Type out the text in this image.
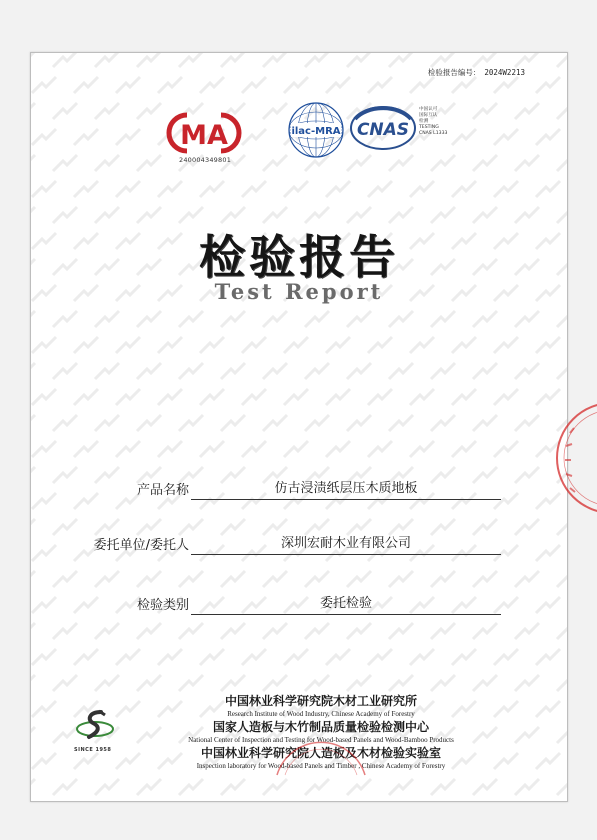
检验报告编号： 2024W2213
MA
240004349801
ilac-MRA CNAS
中国认可
国际互认
检测
TESTING
CNAS L1333
检验报告
Test Report
产品名称	仿古浸渍纸层压木质地板
委托单位/委托人	深圳宏耐木业有限公司
检验类别	委托检验
SINCE 1958
中国林业科学研究院木材工业研究所
Research Institute of Wood Industry, Chinese Academy of Forestry
国家人造板与木竹制品质量检验检测中心
National Center of Inspection and Testing for Wood-based Panels and Wood-Bamboo Products
中国林业科学研究院人造板及木材检验实验室
Inspection laboratory for Wood-based Panels and Timber , Chinese Academy of Forestry
